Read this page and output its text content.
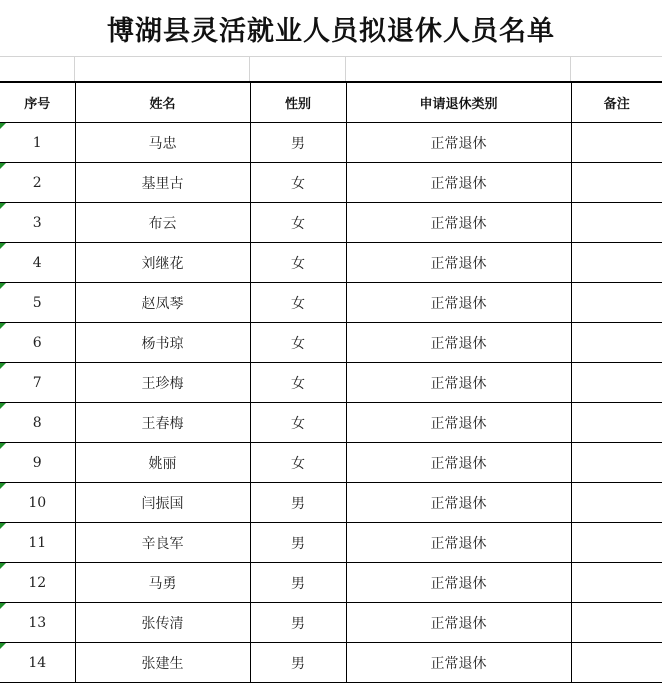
博湖县灵活就业人员拟退休人员名单
序号	姓名	性别	申请退休类别	备注

1	马忠	男	正常退休	

2	基里古	女	正常退休	

3	布云	女	正常退休	

4	刘继花	女	正常退休	

5	赵凤琴	女	正常退休	

6	杨书琼	女	正常退休	

7	王珍梅	女	正常退休	

8	王春梅	女	正常退休	

9	姚丽	女	正常退休	

10	闫振国	男	正常退休	

11	辛良军	男	正常退休	

12	马勇	男	正常退休	

13	张传清	男	正常退休	

14	张建生	男	正常退休	
